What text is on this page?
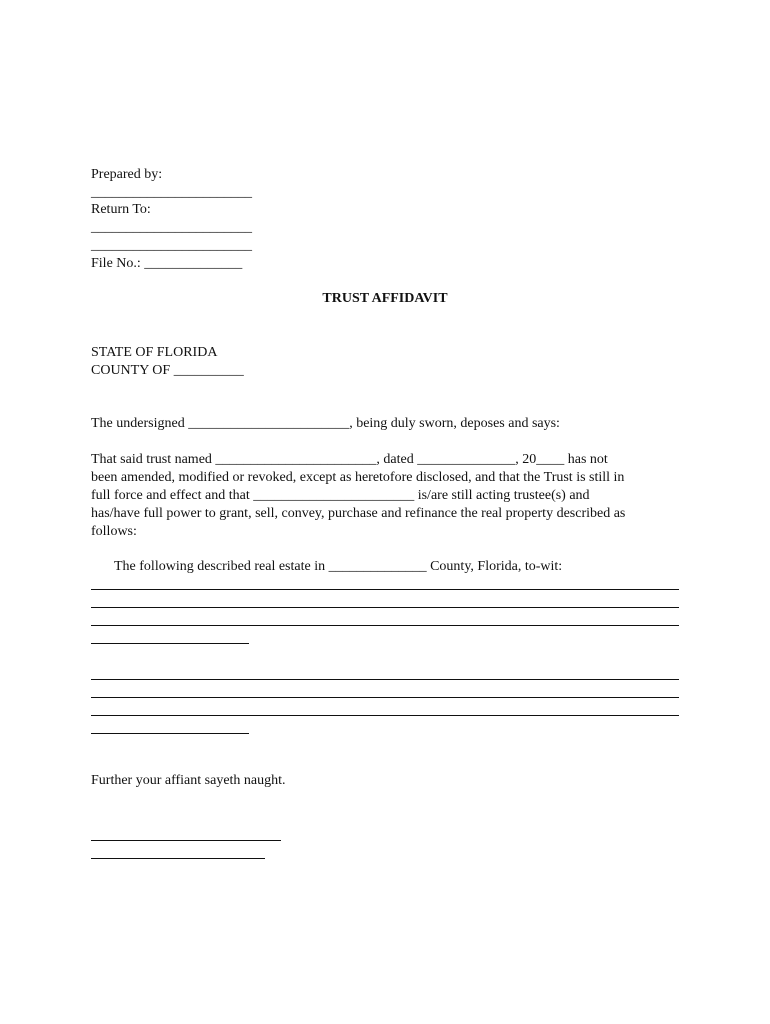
Prepared by:
_______________________
Return To:
_______________________
_______________________
File No.: ______________
TRUST AFFIDAVIT
STATE OF FLORIDA
COUNTY OF __________
The undersigned _______________________, being duly sworn, deposes and says:
That said trust named _______________________, dated ______________, 20____ has not
been amended, modified or revoked, except as heretofore disclosed, and that the Trust is still in
full force and effect and that _______________________ is/are still acting trustee(s) and
has/have full power to grant, sell, convey, purchase and refinance the real property described as
follows:
The following described real estate in ______________ County, Florida, to-wit:
Further your affiant sayeth naught.
